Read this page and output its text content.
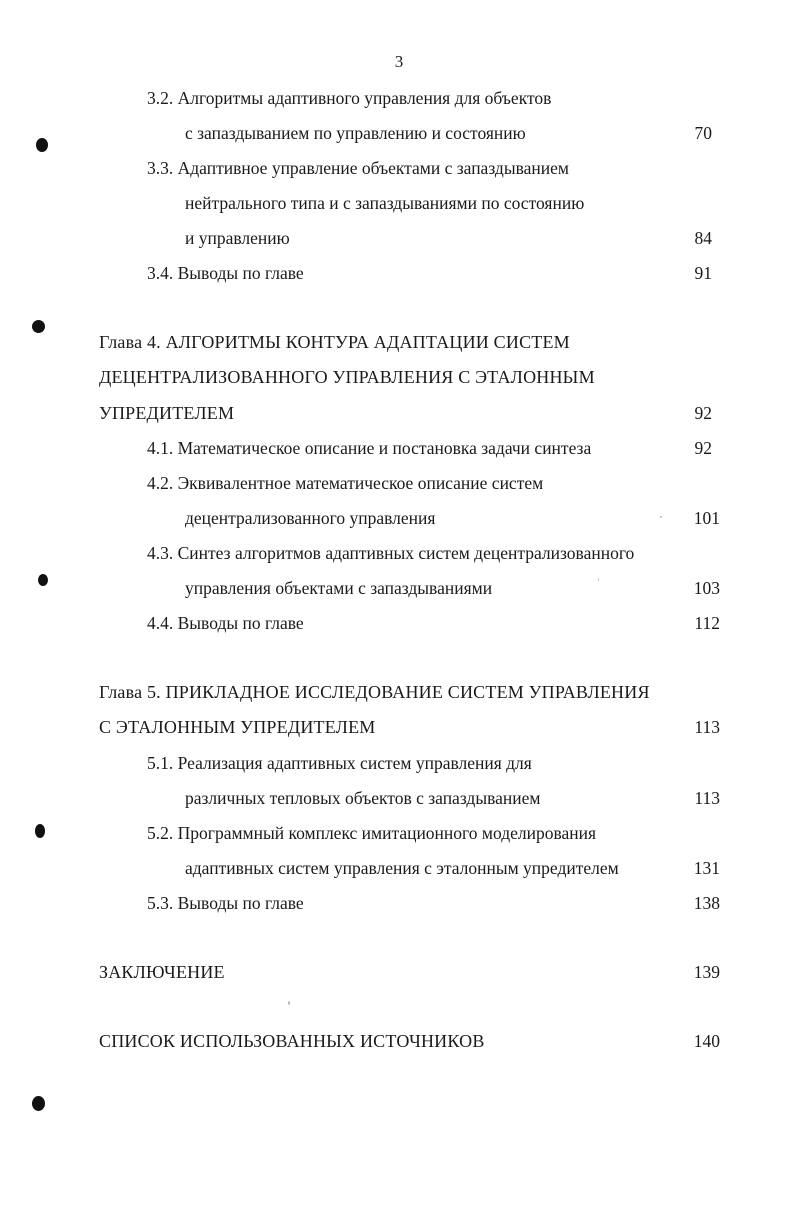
3
3.2. Алгоритмы адаптивного управления для объектов
с запаздыванием по управлению и состоянию	70
3.3. Адаптивное управление объектами с запаздыванием
нейтрального типа и с запаздываниями по состоянию
и управлению	84
3.4. Выводы по главе	91
Глава 4. АЛГОРИТМЫ КОНТУРА АДАПТАЦИИ СИСТЕМ
ДЕЦЕНТРАЛИЗОВАННОГО УПРАВЛЕНИЯ С ЭТАЛОННЫМ
УПРЕДИТЕЛЕМ	92
4.1. Математическое описание и постановка задачи синтеза	92
4.2. Эквивалентное математическое описание систем
децентрализованного управления	101
4.3. Синтез алгоритмов адаптивных систем децентрализованного
управления объектами с запаздываниями	103
4.4. Выводы по главе	112
Глава 5. ПРИКЛАДНОЕ ИССЛЕДОВАНИЕ СИСТЕМ УПРАВЛЕНИЯ
С ЭТАЛОННЫМ УПРЕДИТЕЛЕМ	113
5.1. Реализация адаптивных систем управления для
различных тепловых объектов с запаздыванием	113
5.2. Программный комплекс имитационного моделирования
адаптивных систем управления с эталонным упредителем	131
5.3. Выводы по главе	138
ЗАКЛЮЧЕНИЕ	139
СПИСОК ИСПОЛЬЗОВАННЫХ ИСТОЧНИКОВ	140
